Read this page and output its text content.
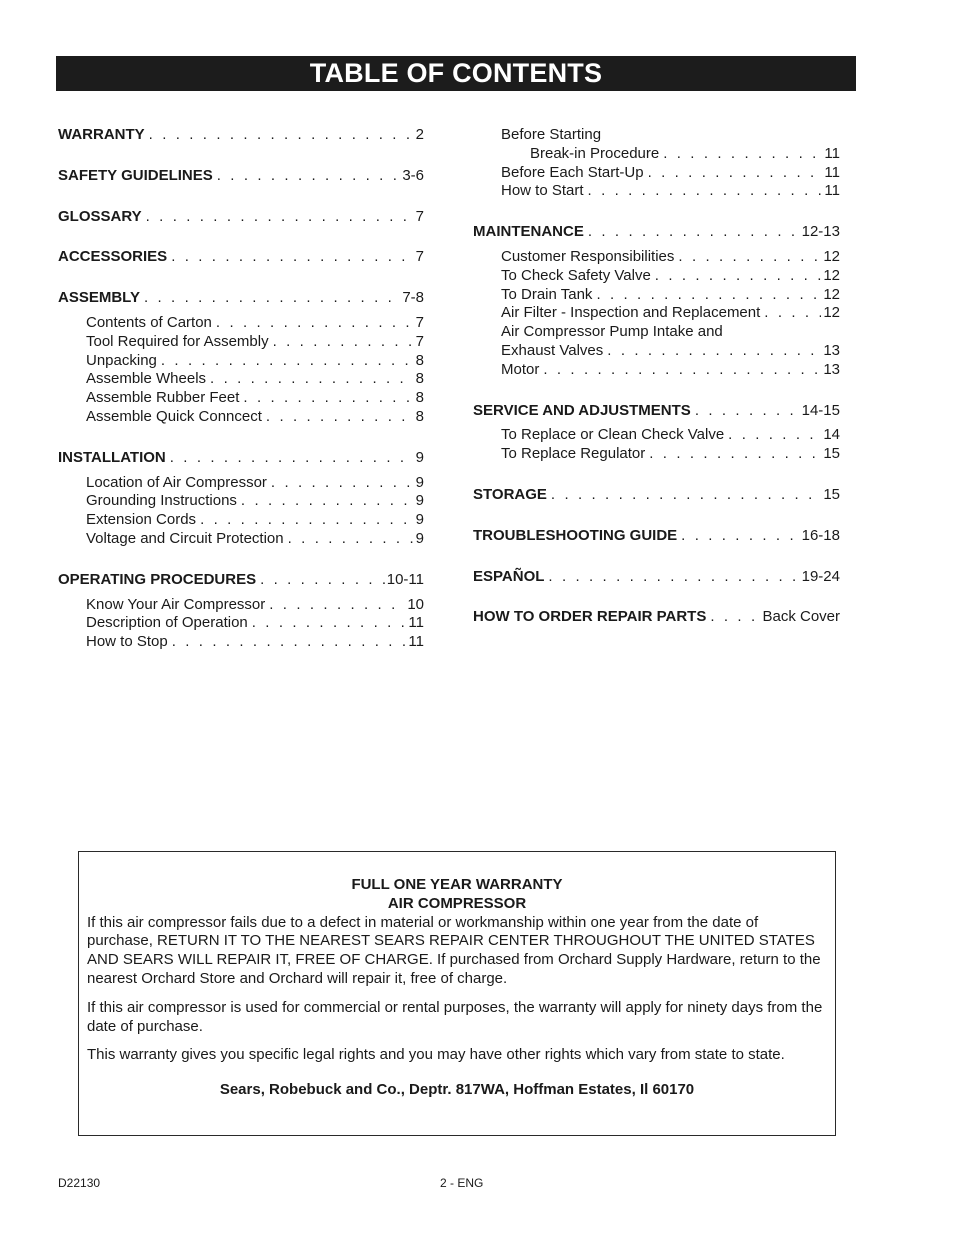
TABLE OF CONTENTS
WARRANTY . . .	2
SAFETY GUIDELINES . . .	3-6
GLOSSARY . . .	7
ACCESSORIES . . .	7
ASSEMBLY . . .	7-8
Contents of Carton . . .	7
Tool Required for Assembly . . .	7
Unpacking . . .	8
Assemble Wheels . . .	8
Assemble Rubber Feet . . .	8
Assemble Quick Conncect . . .	8
INSTALLATION . . .	9
Location of Air Compressor . . .	9
Grounding Instructions . . .	9
Extension Cords . . .	9
Voltage and Circuit Protection . . .	9
OPERATING PROCEDURES . . .	10-11
Know Your Air Compressor . . .	10
Description of Operation . . .	11
How to Stop . . .	11
Before Starting
Break-in Procedure . . .	11
Before Each Start-Up . . .	11
How to Start . . .	11
MAINTENANCE . . .	12-13
Customer Responsibilities . . .	12
To Check Safety Valve . . .	12
To Drain Tank . . .	12
Air Filter - Inspection and Replacement . . .	12
Air Compressor Pump Intake and
Exhaust Valves . . .	13
Motor . . .	13
SERVICE AND ADJUSTMENTS . . .	14-15
To Replace or Clean Check Valve . . .	14
To Replace Regulator . . .	15
STORAGE . . .	15
TROUBLESHOOTING GUIDE . . .	16-18
ESPAÑOL . . .	19-24
HOW TO ORDER REPAIR PARTS . . .	Back Cover
FULL ONE YEAR WARRANTY
AIR COMPRESSOR

If this air compressor fails due to a defect in material or workmanship within one year from the date of purchase, RETURN IT TO THE NEAREST SEARS REPAIR CENTER THROUGHOUT THE UNITED STATES AND SEARS WILL REPAIR IT, FREE OF CHARGE. If purchased from Orchard Supply Hardware, return to the nearest Orchard Store and Orchard will repair it, free of charge.

If this air compressor is used for commercial or rental purposes, the warranty will apply for ninety days from the date of purchase.

This warranty gives you specific legal rights and you may have other rights which vary from state to state.

Sears, Robebuck and Co., Deptr. 817WA, Hoffman Estates, Il 60170
D22130	2 - ENG
